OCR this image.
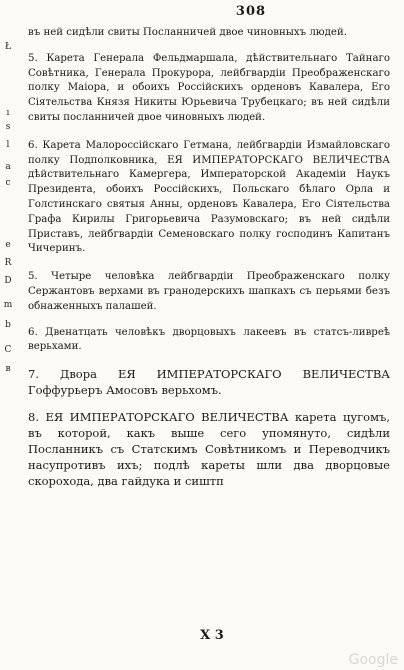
Ł
ı
s
l
a
c
e
R
D
m
b
C
в
308

въ ней сидѣли свиты Посланничей двое чиновныхъ людей.

5. Карета Генерала Фельдмаршала, дѣйствительнаго Тайнаго Совѣтника, Генерала Прокурора, лейбгвардiи Преображенскаго полку Маiора, и обоихъ Россiйскихъ орденовъ Кавалера, Его Сiятельства Князя Никиты Юрьевича Трубецкаго; въ ней сидѣли свиты посланничей двое чиновныхъ людей.

6. Карета Малороссiйскаго Гетмана, лейбгвардiи Измайловскаго полку Подполковника, ЕЯ ИМПЕРАТОРСКАГО ВЕЛИЧЕСТВА дѣйствительнаго Камергера, Императорской Академiи Наукъ Президента, обоихъ Россiйскихъ, Польскаго бѣлаго Орла и Голстинскаго святыя Анны, орденовъ Кавалера, Его Сiятельства Графа Кирилы Григорьевича Разумовскаго; въ ней сидѣли Приставъ, лейбгвардiи Семеновскаго полку господинъ Капитанъ Чичеринъ.

5. Четыре человѣка лейбгвардiи Преображенскаго полку Сержантовъ верхами въ гранодерскихъ шапкахъ съ перьями безъ обнаженныхъ палашей.

6. Двенатцать человѣкъ дворцовыхъ лакеевъ въ статсъ-ливреѣ верьхами.

7. Двора ЕЯ ИМПЕРАТОРСКАГО ВЕЛИЧЕСТВА Гоффурьеръ Амосовъ верьхомъ.

8. ЕЯ ИМПЕРАТОРСКАГО ВЕЛИЧЕСТВА карета цугомъ, въ которой, какъ выше сего упомянуто, сидѣли Посланникъ съ Статскимъ Совѣтникомъ и Переводчикъ насупротивъ ихъ; подлѣ кареты шли два дворцовые скорохода, два гайдука и сиштп

X 3
Google
